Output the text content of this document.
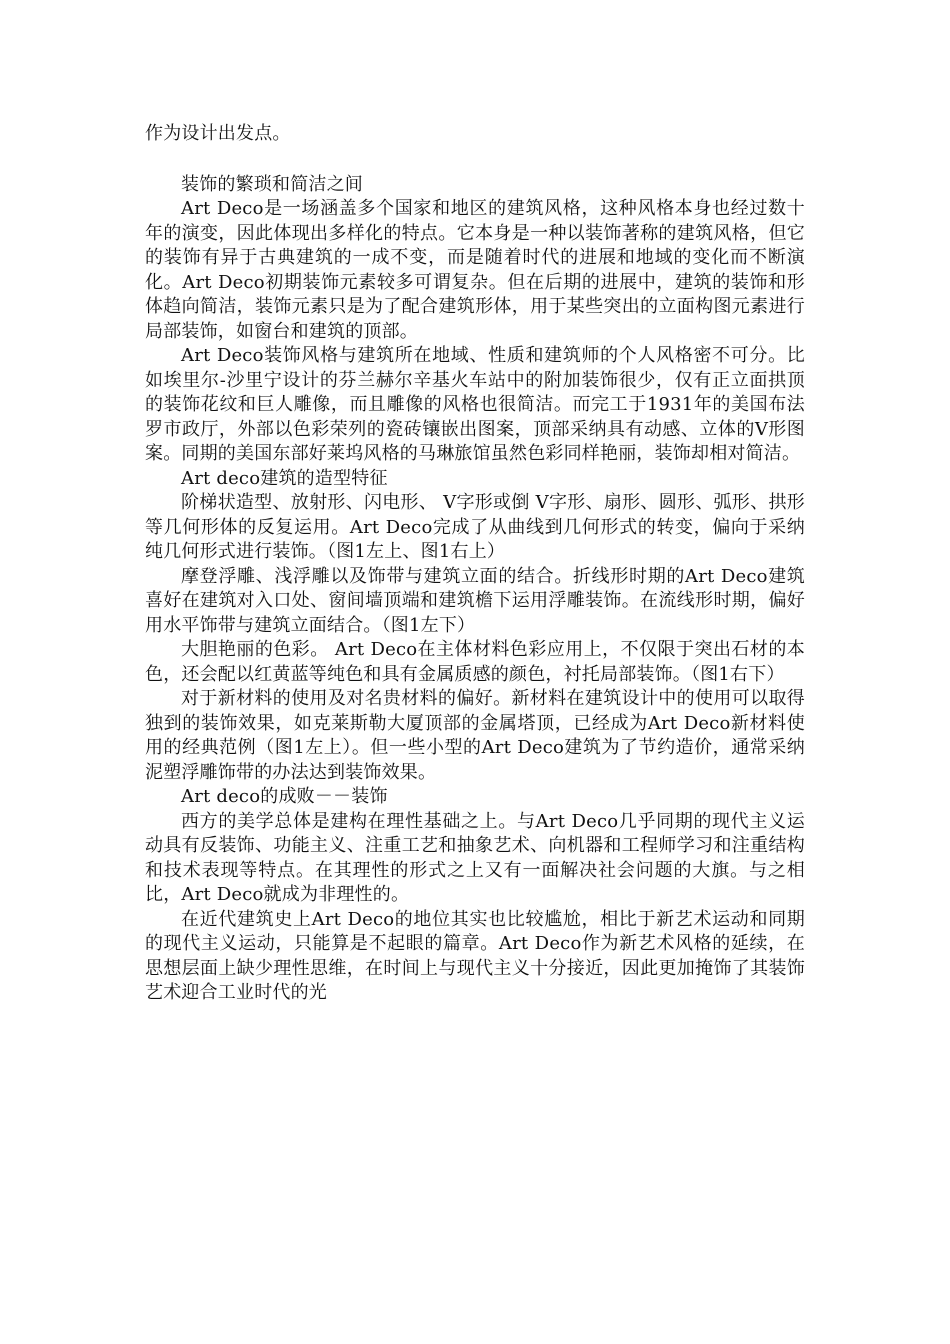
作为设计出发点。

装饰的繁琐和简洁之间

Art Deco是一场涵盖多个国家和地区的建筑风格，这种风格本身也经过数十年的演变，因此体现出多样化的特点。它本身是一种以装饰著称的建筑风格，但它的装饰有异于古典建筑的一成不变，而是随着时代的进展和地域的变化而不断演化。Art Deco初期装饰元素较多可谓复杂。但在后期的进展中，建筑的装饰和形体趋向简洁，装饰元素只是为了配合建筑形体，用于某些突出的立面构图元素进行局部装饰，如窗台和建筑的顶部。

Art Deco装饰风格与建筑所在地域、性质和建筑师的个人风格密不可分。比如埃里尔-沙里宁设计的芬兰赫尔辛基火车站中的附加装饰很少，仅有正立面拱顶的装饰花纹和巨人雕像，而且雕像的风格也很简洁。而完工于1931年的美国布法罗市政厅，外部以色彩荣列的瓷砖镶嵌出图案，顶部采纳具有动感、立体的V形图案。同期的美国东部好莱坞风格的马琳旅馆虽然色彩同样艳丽，装饰却相对简洁。

Art deco建筑的造型特征

阶梯状造型、放射形、闪电形、 V字形或倒 V字形、扇形、圆形、弧形、拱形等几何形体的反复运用。Art Deco完成了从曲线到几何形式的转变，偏向于采纳纯几何形式进行装饰。（图1左上、图1右上）

摩登浮雕、浅浮雕以及饰带与建筑立面的结合。折线形时期的Art Deco建筑喜好在建筑对入口处、窗间墙顶端和建筑檐下运用浮雕装饰。在流线形时期，偏好用水平饰带与建筑立面结合。（图1左下）

大胆艳丽的色彩。 Art Deco在主体材料色彩应用上，不仅限于突出石材的本色，还会配以红黄蓝等纯色和具有金属质感的颜色，衬托局部装饰。（图1右下）

对于新材料的使用及对名贵材料的偏好。新材料在建筑设计中的使用可以取得独到的装饰效果，如克莱斯勒大厦顶部的金属塔顶，已经成为Art Deco新材料使用的经典范例（图1左上）。但一些小型的Art Deco建筑为了节约造价，通常采纳泥塑浮雕饰带的办法达到装饰效果。

Art deco的成败－－装饰

西方的美学总体是建构在理性基础之上。与Art Deco几乎同期的现代主义运动具有反装饰、功能主义、注重工艺和抽象艺术、向机器和工程师学习和注重结构和技术表现等特点。在其理性的形式之上又有一面解决社会问题的大旗。与之相比，Art Deco就成为非理性的。

在近代建筑史上Art Deco的地位其实也比较尴尬，相比于新艺术运动和同期的现代主义运动，只能算是不起眼的篇章。Art Deco作为新艺术风格的延续，在思想层面上缺少理性思维，在时间上与现代主义十分接近，因此更加掩饰了其装饰艺术迎合工业时代的光
